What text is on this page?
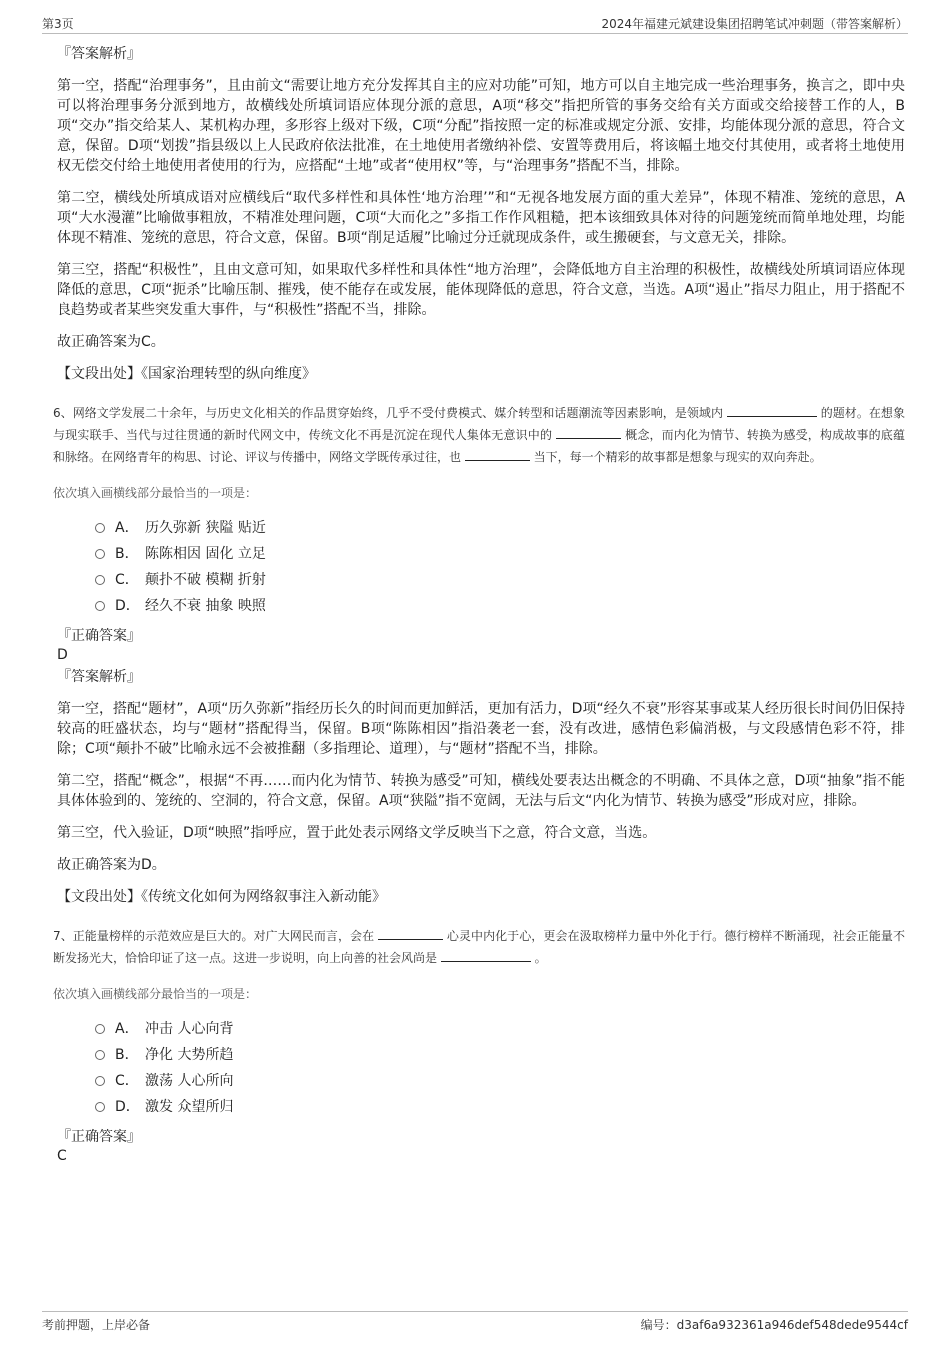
第3页	2024年福建元斌建设集团招聘笔试冲刺题（带答案解析）
『答案解析』

第一空，搭配“治理事务”，且由前文“需要让地方充分发挥其自主的应对功能”可知，地方可以自主地完成一些治理事务，换言之，即中央可以将治理事务分派到地方，故横线处所填词语应体现分派的意思，A项“移交”指把所管的事务交给有关方面或交给接替工作的人，B项“交办”指交给某人、某机构办理，多形容上级对下级，C项“分配”指按照一定的标准或规定分派、安排，均能体现分派的意思，符合文意，保留。D项“划拨”指县级以上人民政府依法批准，在土地使用者缴纳补偿、安置等费用后，将该幅土地交付其使用，或者将土地使用权无偿交付给土地使用者使用的行为，应搭配“土地”或者“使用权”等，与“治理事务”搭配不当，排除。

第二空，横线处所填成语对应横线后“取代多样性和具体性‘地方治理’”和“无视各地发展方面的重大差异”，体现不精准、笼统的意思，A项“大水漫灌”比喻做事粗放，不精准处理问题，C项“大而化之”多指工作作风粗糙，把本该细致具体对待的问题笼统而简单地处理，均能体现不精准、笼统的意思，符合文意，保留。B项“削足适履”比喻过分迁就现成条件，或生搬硬套，与文意无关，排除。

第三空，搭配“积极性”，且由文意可知，如果取代多样性和具体性“地方治理”，会降低地方自主治理的积极性，故横线处所填词语应体现降低的意思，C项“扼杀”比喻压制、摧残，使不能存在或发展，能体现降低的意思，符合文意，当选。A项“遏止”指尽力阻止，用于搭配不良趋势或者某些突发重大事件，与“积极性”搭配不当，排除。

故正确答案为C。

【文段出处】《国家治理转型的纵向维度》

6、网络文学发展二十余年，与历史文化相关的作品贯穿始终，几乎不受付费模式、媒介转型和话题潮流等因素影响，是领域内	的题材。在想象与现实联手、当代与过往贯通的新时代网文中，传统文化不再是沉淀在现代人集体无意识中的	概念，而内化为情节、转换为感受，构成故事的底蕴和脉络。在网络青年的构思、讨论、评议与传播中，网络文学既传承过往，也	当下，每一个精彩的故事都是想象与现实的双向奔赴。

依次填入画横线部分最恰当的一项是：
A． 历久弥新 狭隘 贴近
B． 陈陈相因 固化 立足
C． 颠扑不破 模糊 折射
D． 经久不衰 抽象 映照
『正确答案』
D
『答案解析』

第一空，搭配“题材”，A项“历久弥新”指经历长久的时间而更加鲜活，更加有活力，D项“经久不衰”形容某事或某人经历很长时间仍旧保持较高的旺盛状态，均与“题材”搭配得当，保留。B项“陈陈相因”指沿袭老一套，没有改进，感情色彩偏消极，与文段感情色彩不符，排除；C项“颠扑不破”比喻永远不会被推翻（多指理论、道理），与“题材”搭配不当，排除。

第二空，搭配“概念”，根据“不再……而内化为情节、转换为感受”可知，横线处要表达出概念的不明确、不具体之意，D项“抽象”指不能具体体验到的、笼统的、空洞的，符合文意，保留。A项“狭隘”指不宽阔，无法与后文“内化为情节、转换为感受”形成对应，排除。

第三空，代入验证，D项“映照”指呼应，置于此处表示网络文学反映当下之意，符合文意，当选。

故正确答案为D。

【文段出处】《传统文化如何为网络叙事注入新动能》

7、正能量榜样的示范效应是巨大的。对广大网民而言，会在	心灵中内化于心，更会在汲取榜样力量中外化于行。德行榜样不断涌现，社会正能量不断发扬光大，恰恰印证了这一点。这进一步说明，向上向善的社会风尚是	。

依次填入画横线部分最恰当的一项是：
A． 冲击 人心向背
B． 净化 大势所趋
C． 激荡 人心所向
D． 激发 众望所归
『正确答案』
C
考前押题，上岸必备	编号：d3af6a932361a946def548dede9544cf
